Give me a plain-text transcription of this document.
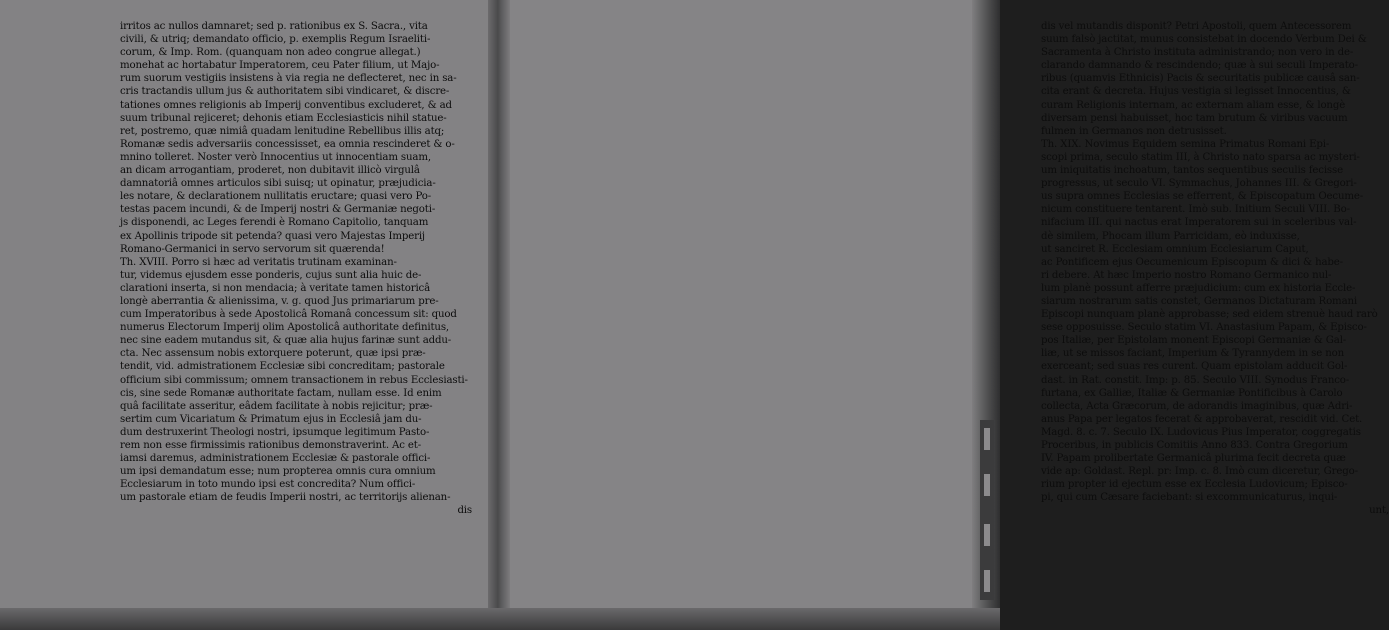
irritos ac nullos damnaret; sed p. rationibus ex S. Sacra., vita
civili, & utriq; demandato officio, p. exemplis Regum Israeliti-
corum, & Imp. Rom. (quanquam non adeo congrue allegat.)
monehat ac hortabatur Imperatorem, ceu Pater filium, ut Majo-
rum suorum vestigiis insistens à via regia ne deflecteret, nec in sa-
cris tractandis ullum jus & authoritatem sibi vindicaret, & discre-
tationes omnes religionis ab Imperij conventibus excluderet, & ad
suum tribunal rejiceret; dehonis etiam Ecclesiasticis nihil statue-
ret, postremo, quæ nimiâ quadam lenitudine Rebellibus illis atq;
Romanæ sedis adversariis concessisset, ea omnia rescinderet & o-
mnino tolleret. Noster verò Innocentius ut innocentiam suam,
an dicam arrogantiam, proderet, non dubitavit illicò virgulâ
damnatoriâ omnes articulos sibi suisq; ut opinatur, præjudicia-
les notare, & declarationem nullitatis eructare; quasi vero Po-
testas pacem incundi, & de Imperij nostri & Germaniæ negoti-
js disponendi, ac Leges ferendi è Romano Capitolio, tanquam
ex Apollinis tripode sit petenda? quasi vero Majestas Imperij
Romano-Germanici in servo servorum sit quærenda!
Th. XVIII. Porro si hæc ad veritatis trutinam examinan-
tur, videmus ejusdem esse ponderis, cujus sunt alia huic de-
clarationi inserta, si non mendacia; à veritate tamen historicâ
longè aberrantia & alienissima, v. g. quod Jus primariarum pre-
cum Imperatoribus à sede Apostolicâ Romanâ concessum sit: quod
numerus Electorum Imperij olim Apostolicâ authoritate definitus,
nec sine eadem mutandus sit, & quæ alia hujus farinæ sunt addu-
cta. Nec assensum nobis extorquere poterunt, quæ ipsi præ-
tendit, vid. admistrationem Ecclesiæ sibi concreditam; pastorale
officium sibi commissum; omnem transactionem in rebus Ecclesiasti-
cis, sine sede Romanæ authoritate factam, nullam esse. Id enim
quâ facilitate asseritur, eâdem facilitate à nobis rejicitur; præ-
sertim cum Vicariatum & Primatum ejus in Ecclesiâ jam du-
dum destruxerint Theologi nostri, ipsumque legitimum Pasto-
rem non esse firmissimis rationibus demonstraverint. Ac et-
iamsi daremus, administrationem Ecclesiæ & pastorale offici-
um ipsi demandatum esse; num propterea omnis cura omnium
Ecclesiarum in toto mundo ipsi est concredita? Num offici-
um pastorale etiam de feudis Imperii nostri, ac territorijs alienan-
dis
dis vel mutandis disponit? Petri Apostoli, quem Antecessorem
suum falsò jactitat, munus consistebat in docendo Verbum Dei &
Sacramenta à Christo instituta administrando; non vero in de-
clarando damnando & rescindendo; quæ à sui seculi Imperato-
ribus (quamvis Ethnicis) Pacis & securitatis publicæ causâ san-
cita erant & decreta. Hujus vestigia si legisset Innocentius, &
curam Religionis internam, ac externam aliam esse, & longè
diversam pensi habuisset, hoc tam brutum & viribus vacuum
fulmen in Germanos non detrusisset.
Th. XIX. Novimus Equidem semina Primatus Romani Epi-
scopi prima, seculo statim III, à Christo nato sparsa ac mysteri-
um iniquitatis inchoatum, tantos sequentibus seculis fecisse
progressus, ut seculo VI. Symmachus, Johannes III. & Gregori-
us supra omnes Ecclesias se efferrent, & Episcopatum Oecume-
nicum constituere tentarent. Imò sub. Initium Seculi VIII. Bo-
nifacium III. qui nactus erat Imperatorem sui in sceleribus val-
dè similem, Phocam illum Parricidam, eò induxisse,
ut sanciret R. Ecclesiam omnium Ecclesiarum Caput,
ac Pontificem ejus Oecumenicum Episcopum & dici & habe-
ri debere. At hæc Imperio nostro Romano Germanico nul-
lum planè possunt afferre præjudicium: cum ex historia Eccle-
siarum nostrarum satis constet, Germanos Dictaturam Romani
Episcopi nunquam planè approbasse; sed eidem strenuè haud rarò
sese opposuisse. Seculo statim VI. Anastasium Papam, & Episco-
pos Italiæ, per Epistolam monent Episcopi Germaniæ & Gal-
liæ, ut se missos faciant, Imperium & Tyrannydem in se non
exerceant; sed suas res curent. Quam epistolam adducit Gol-
dast. in Rat. constit. Imp: p. 85. Seculo VIII. Synodus Franco-
furtana, ex Galliæ, Italiæ & Germaniæ Pontificibus à Carolo
collecta, Acta Græcorum, de adorandis imaginibus, quæ Adri-
anus Papa per legatos fecerat & approbaverat, rescidit vid. Cet.
Magd. 8. c. 7. Seculo IX. Ludovicus Pius Imperator, coggregatis
Proceribus, in publicis Comitiis Anno 833. Contra Gregorium
IV. Papam prolibertate Germanicâ plurima fecit decreta quæ
vide ap: Goldast. Repl. pr: Imp. c. 8. Imò cum diceretur, Grego-
rium propter id ejectum esse ex Ecclesia Ludovicum; Episco-
pi, qui cum Cæsare faciebant: si excommunicaturus, inqui-
unt,
